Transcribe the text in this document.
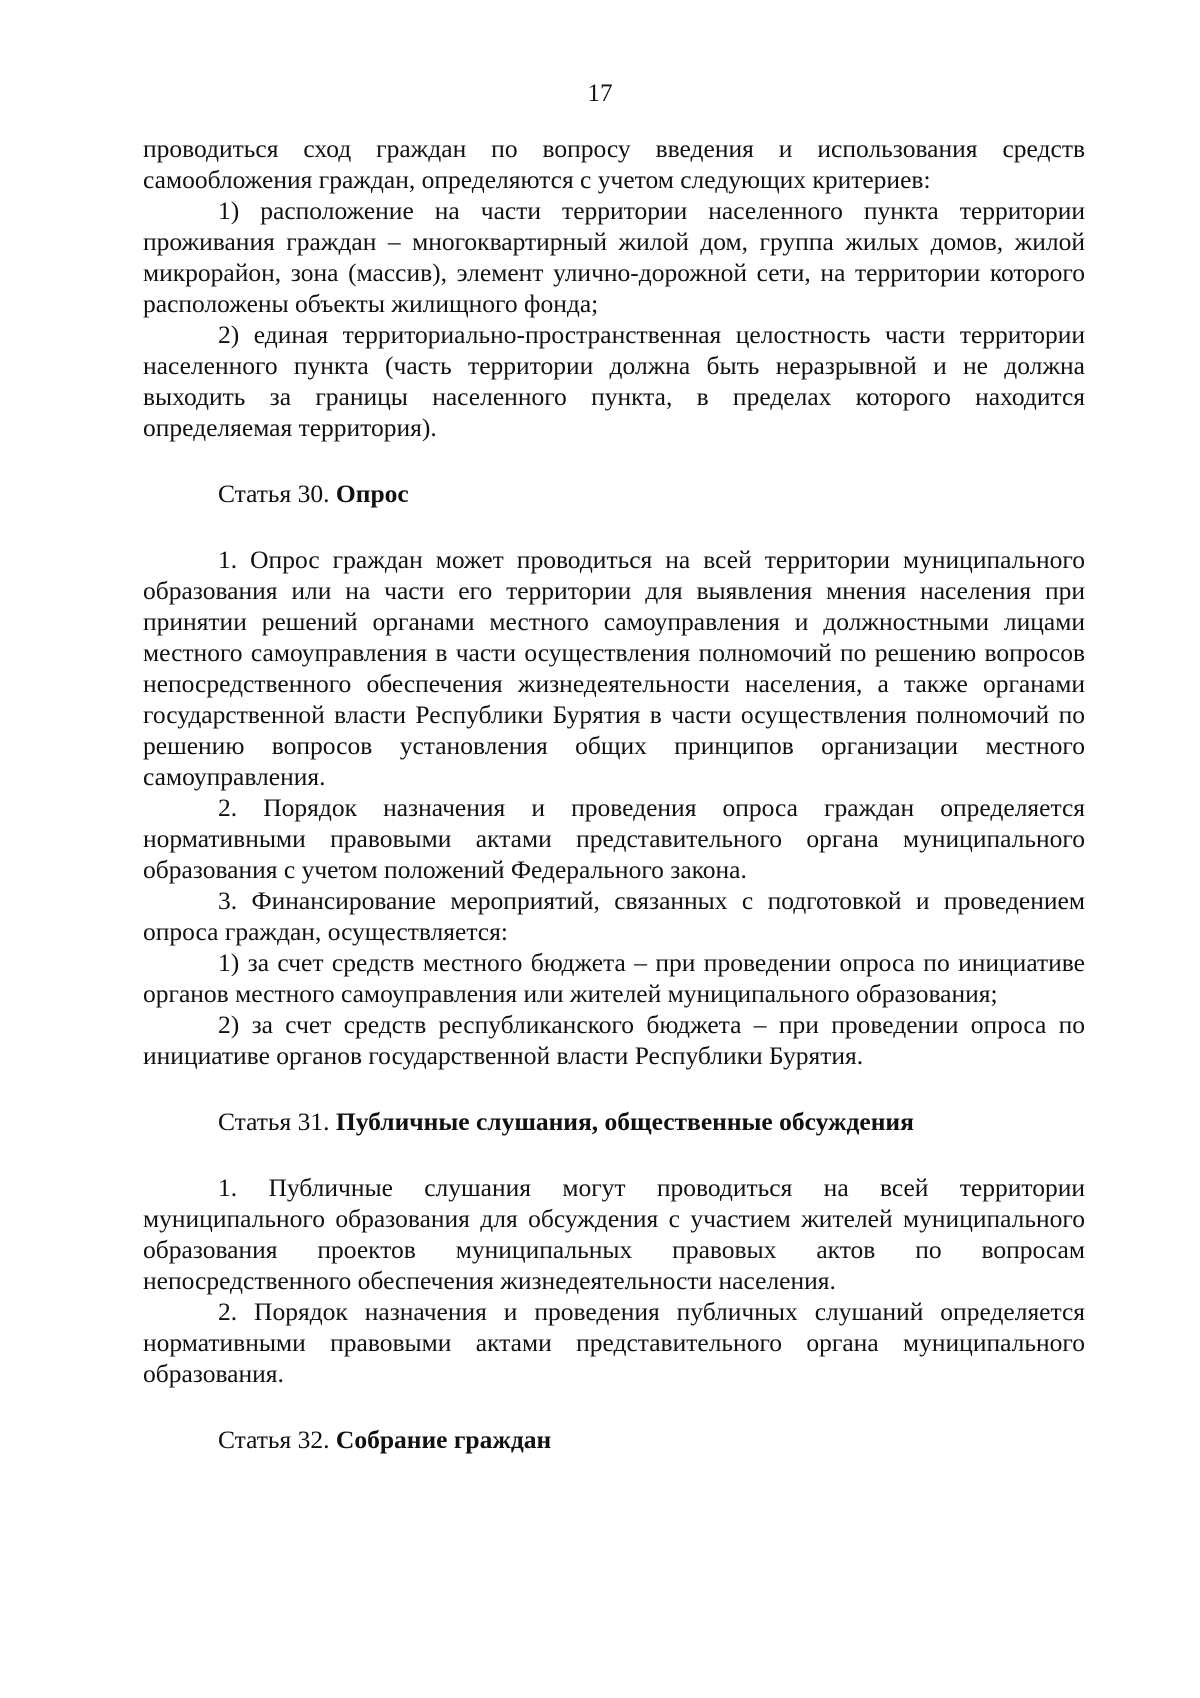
17

проводиться сход граждан по вопросу введения и использования средств самообложения граждан, определяются с учетом следующих критериев:

1) расположение на части территории населенного пункта территории проживания граждан – многоквартирный жилой дом, группа жилых домов, жилой микрорайон, зона (массив), элемент улично-дорожной сети, на территории которого расположены объекты жилищного фонда;

2) единая территориально-пространственная целостность части территории населенного пункта (часть территории должна быть неразрывной и не должна выходить за границы населенного пункта, в пределах которого находится определяемая территория).

Статья 30. Опрос

1. Опрос граждан может проводиться на всей территории муниципального образования или на части его территории для выявления мнения населения при принятии решений органами местного самоуправления и должностными лицами местного самоуправления в части осуществления полномочий по решению вопросов непосредственного обеспечения жизнедеятельности населения, а также органами государственной власти Республики Бурятия в части осуществления полномочий по решению вопросов установления общих принципов организации местного самоуправления.

2. Порядок назначения и проведения опроса граждан определяется нормативными правовыми актами представительного органа муниципального образования с учетом положений Федерального закона.

3. Финансирование мероприятий, связанных с подготовкой и проведением опроса граждан, осуществляется:

1) за счет средств местного бюджета – при проведении опроса по инициативе органов местного самоуправления или жителей муниципального образования;

2) за счет средств республиканского бюджета – при проведении опроса по инициативе органов государственной власти Республики Бурятия.

Статья 31. Публичные слушания, общественные обсуждения

1. Публичные слушания могут проводиться на всей территории муниципального образования для обсуждения с участием жителей муниципального образования проектов муниципальных правовых актов по вопросам непосредственного обеспечения жизнедеятельности населения.

2. Порядок назначения и проведения публичных слушаний определяется нормативными правовыми актами представительного органа муниципального образования.

Статья 32. Собрание граждан
